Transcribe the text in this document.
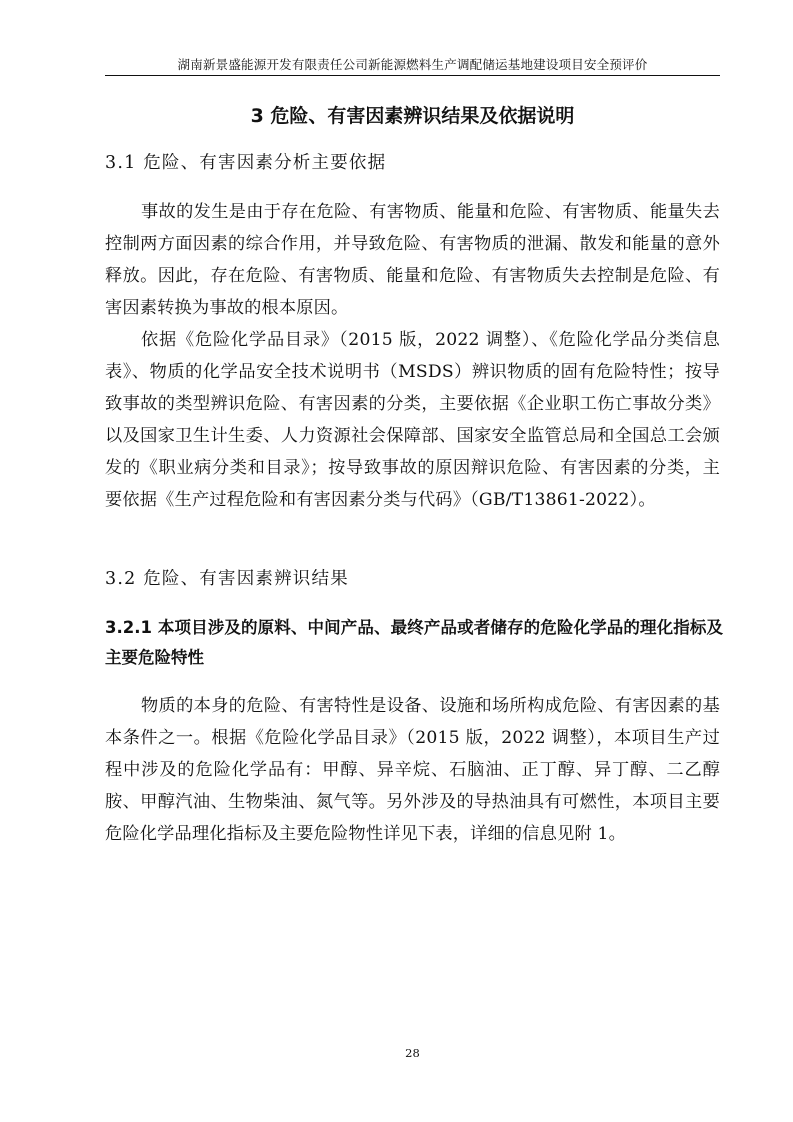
湖南新景盛能源开发有限责任公司新能源燃料生产调配储运基地建设项目安全预评价
3 危险、有害因素辨识结果及依据说明
3.1 危险、有害因素分析主要依据
事故的发生是由于存在危险、有害物质、能量和危险、有害物质、能量失去控制两方面因素的综合作用，并导致危险、有害物质的泄漏、散发和能量的意外释放。因此，存在危险、有害物质、能量和危险、有害物质失去控制是危险、有害因素转换为事故的根本原因。
依据《危险化学品目录》（2015 版，2022 调整）、《危险化学品分类信息表》、物质的化学品安全技术说明书（MSDS）辨识物质的固有危险特性；按导致事故的类型辨识危险、有害因素的分类，主要依据《企业职工伤亡事故分类》以及国家卫生计生委、人力资源社会保障部、国家安全监管总局和全国总工会颁发的《职业病分类和目录》；按导致事故的原因辩识危险、有害因素的分类，主要依据《生产过程危险和有害因素分类与代码》（GB/T13861-2022）。
3.2 危险、有害因素辨识结果
3.2.1 本项目涉及的原料、中间产品、最终产品或者储存的危险化学品的理化指标及主要危险特性
物质的本身的危险、有害特性是设备、设施和场所构成危险、有害因素的基本条件之一。根据《危险化学品目录》（2015 版，2022 调整），本项目生产过程中涉及的危险化学品有：甲醇、异辛烷、石脑油、正丁醇、异丁醇、二乙醇胺、甲醇汽油、生物柴油、氮气等。另外涉及的导热油具有可燃性，本项目主要危险化学品理化指标及主要危险物性详见下表，详细的信息见附 1。
28
